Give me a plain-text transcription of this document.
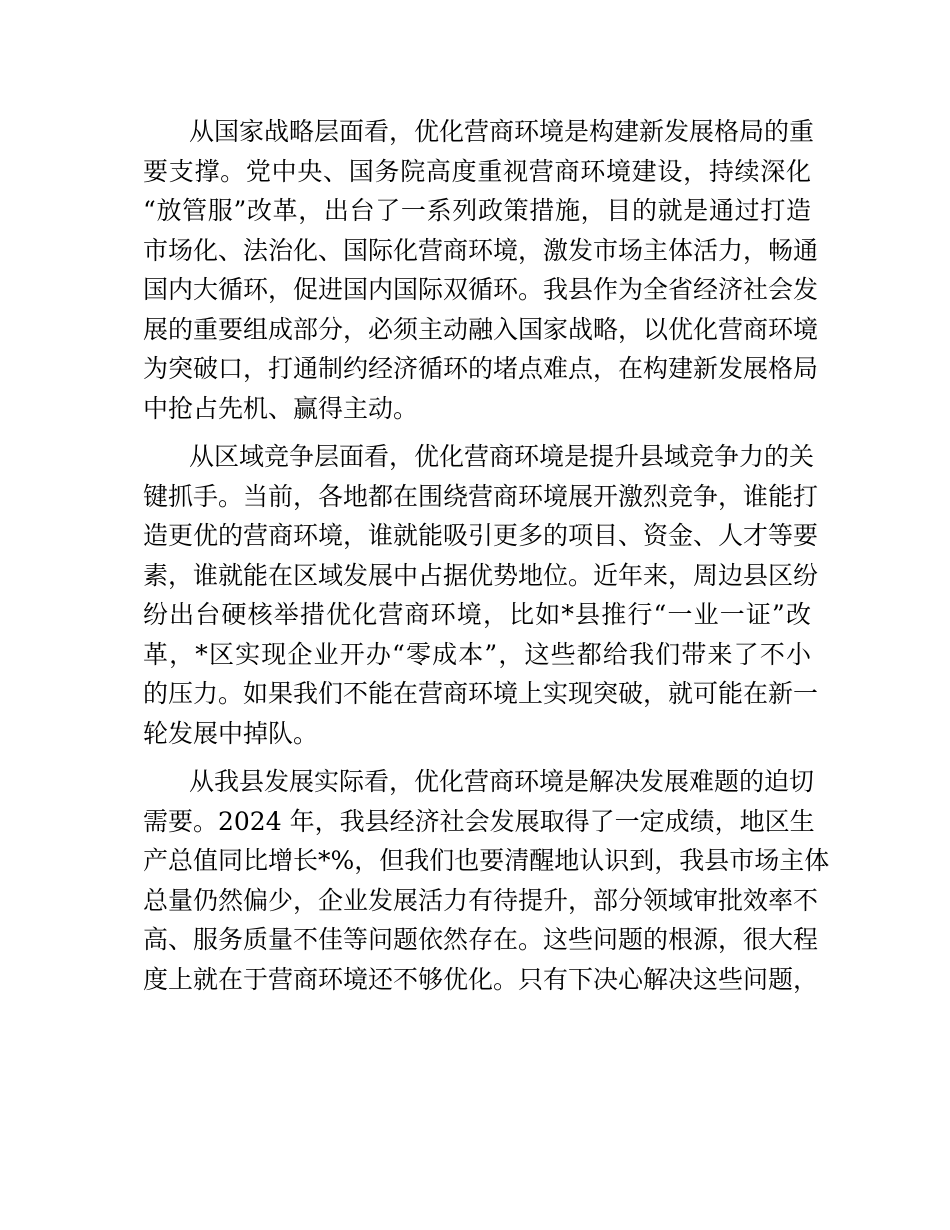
从国家战略层面看，优化营商环境是构建新发展格局的重
要支撑。党中央、国务院高度重视营商环境建设，持续深化
“放管服”改革，出台了一系列政策措施，目的就是通过打造
市场化、法治化、国际化营商环境，激发市场主体活力，畅通
国内大循环，促进国内国际双循环。我县作为全省经济社会发
展的重要组成部分，必须主动融入国家战略，以优化营商环境
为突破口，打通制约经济循环的堵点难点，在构建新发展格局
中抢占先机、赢得主动。
从区域竞争层面看，优化营商环境是提升县域竞争力的关
键抓手。当前，各地都在围绕营商环境展开激烈竞争，谁能打
造更优的营商环境，谁就能吸引更多的项目、资金、人才等要
素，谁就能在区域发展中占据优势地位。近年来，周边县区纷
纷出台硬核举措优化营商环境，比如*县推行“一业一证”改
革，*区实现企业开办“零成本”，这些都给我们带来了不小
的压力。如果我们不能在营商环境上实现突破，就可能在新一
轮发展中掉队。
从我县发展实际看，优化营商环境是解决发展难题的迫切
需要。2024 年，我县经济社会发展取得了一定成绩，地区生
产总值同比增长*%，但我们也要清醒地认识到，我县市场主体
总量仍然偏少，企业发展活力有待提升，部分领域审批效率不
高、服务质量不佳等问题依然存在。这些问题的根源，很大程
度上就在于营商环境还不够优化。只有下决心解决这些问题，
